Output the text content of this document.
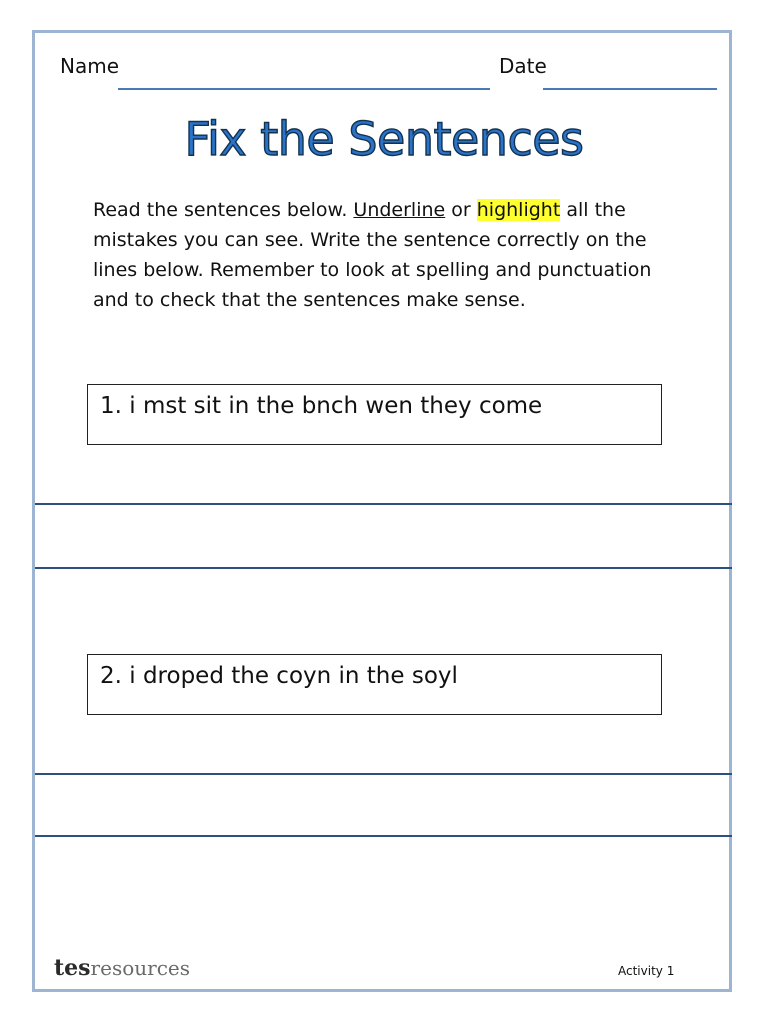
Name	Date
Fix the Sentences
Read the sentences below. Underline or highlight all the mistakes you can see. Write the sentence correctly on the lines below. Remember to look at spelling and punctuation and to check that the sentences make sense.
1. i mst sit in the bnch wen they come
2. i droped the coyn in the soyl
tesresources	Activity 1
